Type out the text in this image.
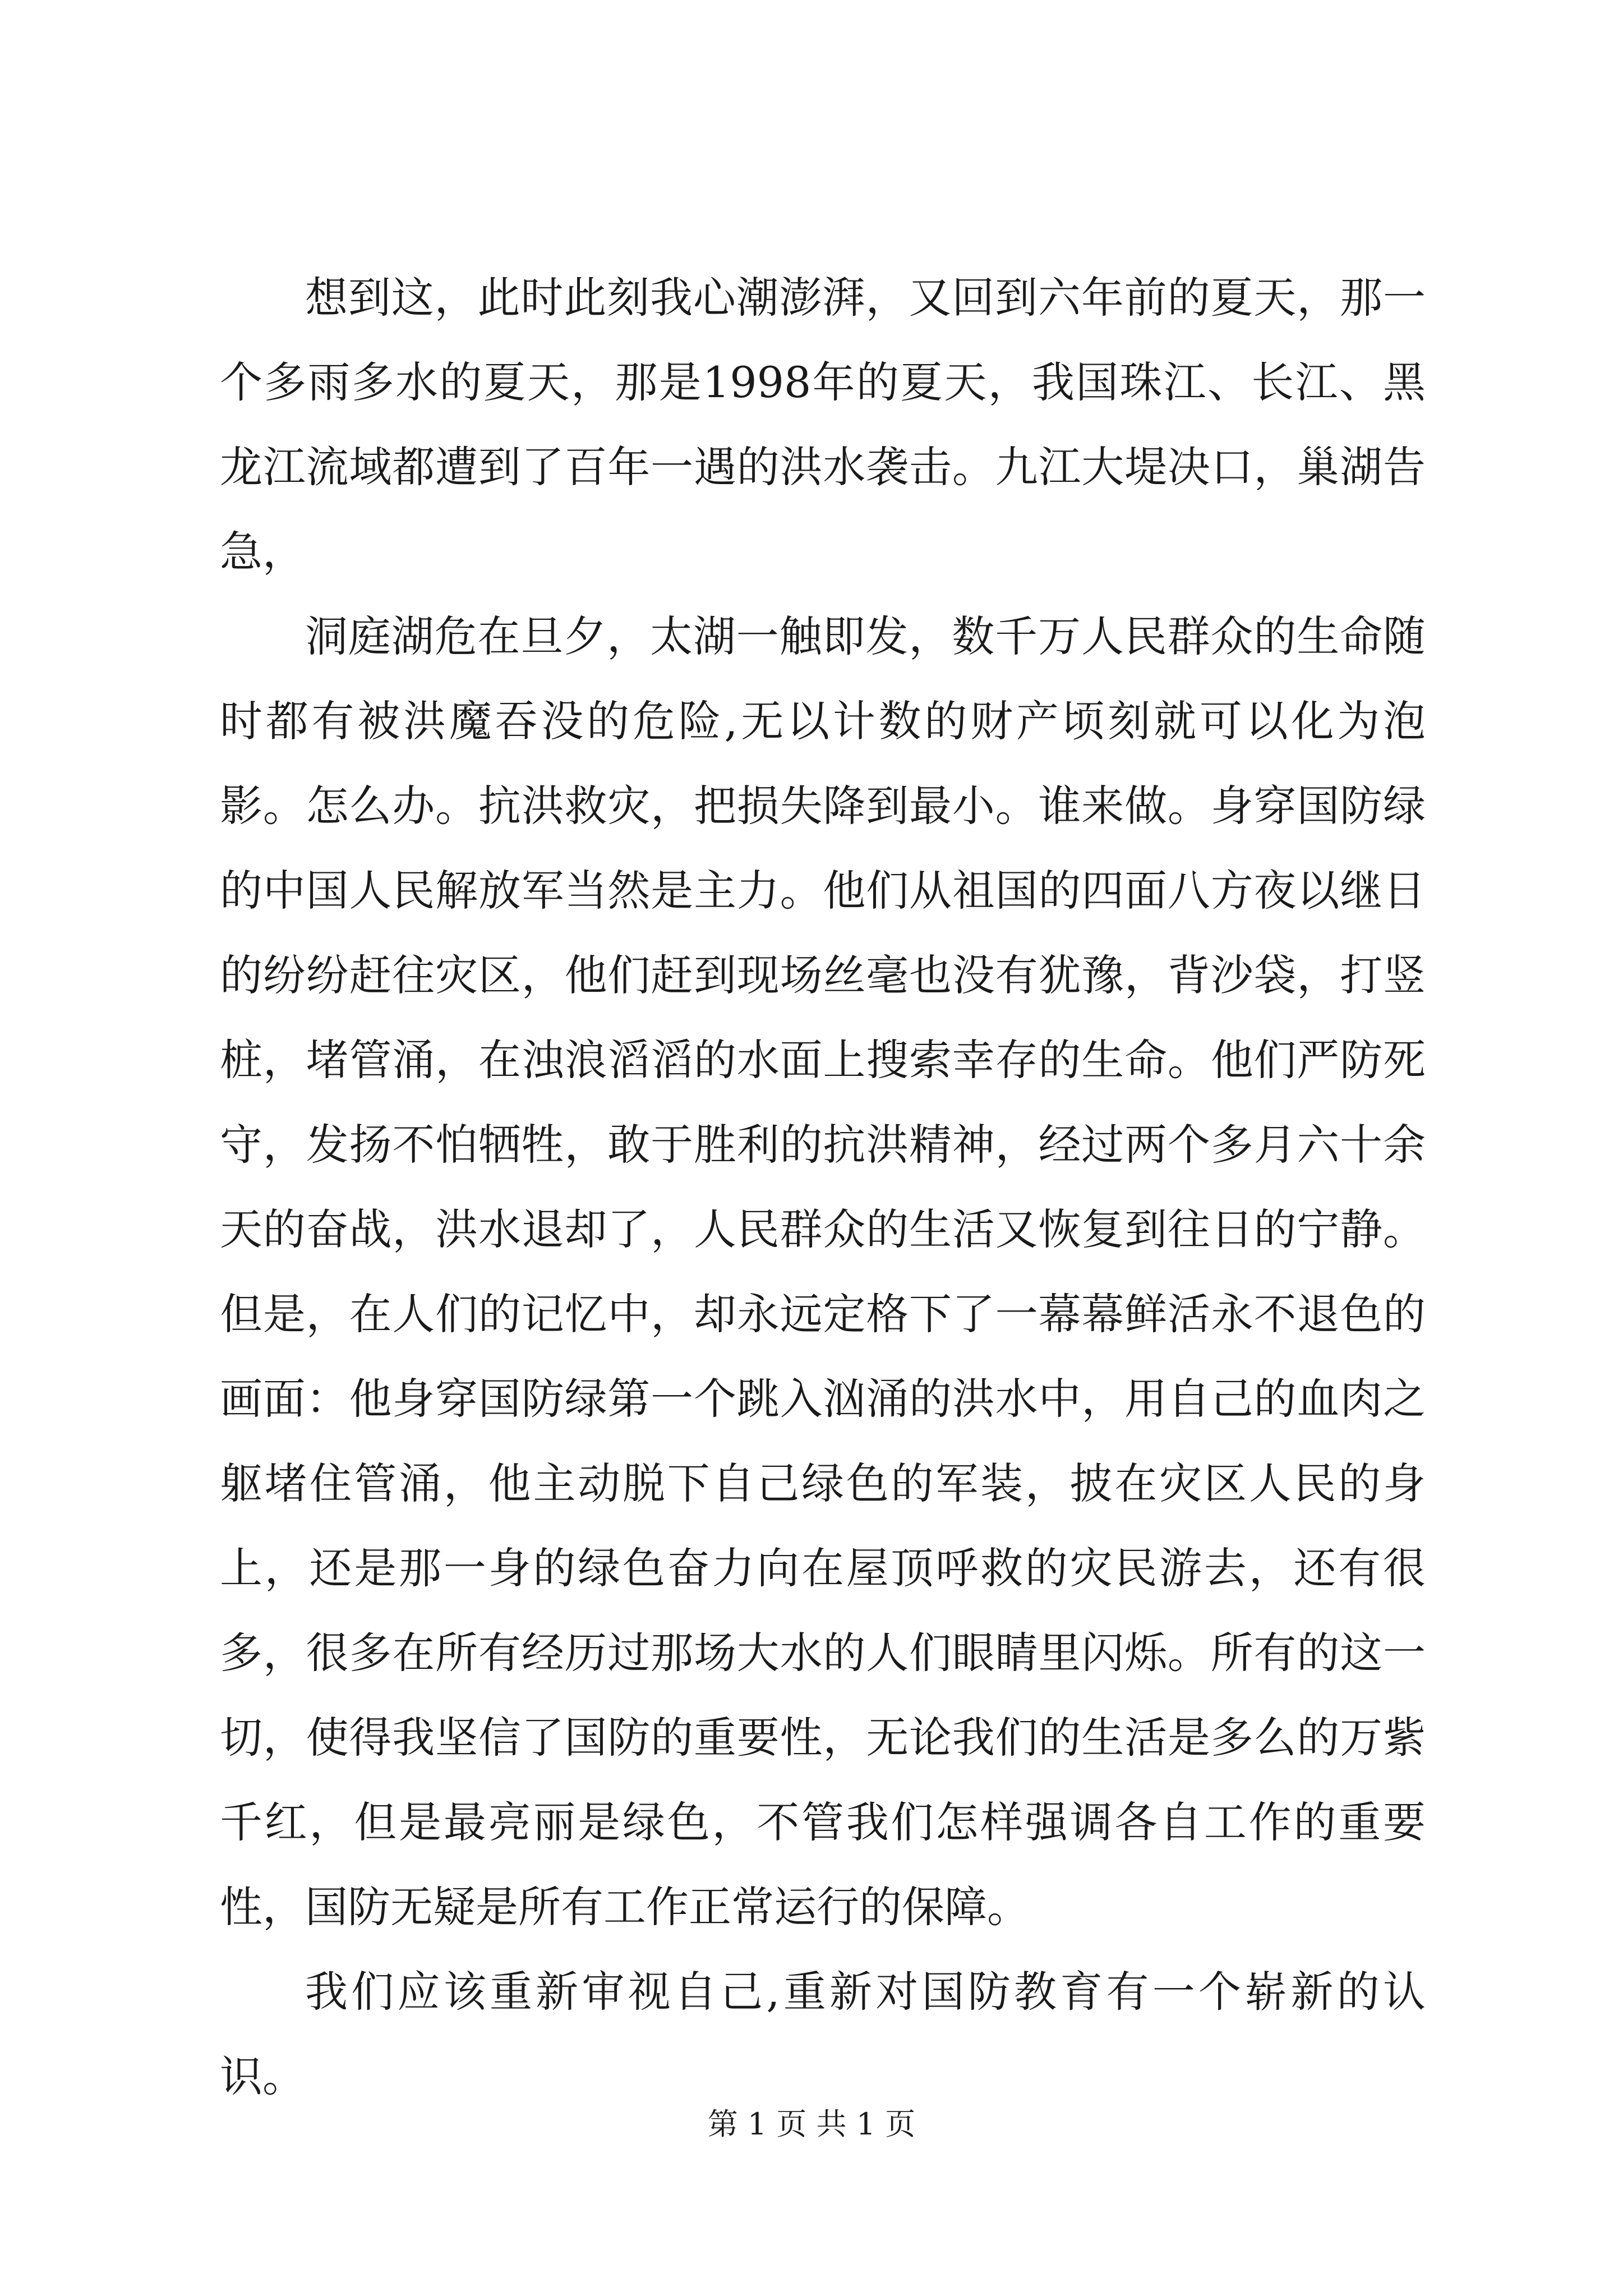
想到这，此时此刻我心潮澎湃，又回到六年前的夏天，那一个多雨多水的夏天，那是1998年的夏天，我国珠江、长江、黑龙江流域都遭到了百年一遇的洪水袭击。九江大堤决口，巢湖告急，

洞庭湖危在旦夕，太湖一触即发，数千万人民群众的生命随时都有被洪魔吞没的危险,无以计数的财产顷刻就可以化为泡影。怎么办。抗洪救灾，把损失降到最小。谁来做。身穿国防绿的中国人民解放军当然是主力。他们从祖国的四面八方夜以继日的纷纷赶往灾区，他们赶到现场丝毫也没有犹豫，背沙袋，打竖桩，堵管涌，在浊浪滔滔的水面上搜索幸存的生命。他们严防死守，发扬不怕牺牲，敢于胜利的抗洪精神，经过两个多月六十余天的奋战，洪水退却了，人民群众的生活又恢复到往日的宁静。但是，在人们的记忆中，却永远定格下了一幕幕鲜活永不退色的画面：他身穿国防绿第一个跳入汹涌的洪水中，用自己的血肉之躯堵住管涌，他主动脱下自己绿色的军装，披在灾区人民的身上，还是那一身的绿色奋力向在屋顶呼救的灾民游去，还有很多，很多在所有经历过那场大水的人们眼睛里闪烁。所有的这一切，使得我坚信了国防的重要性，无论我们的生活是多么的万紫千红，但是最亮丽是绿色，不管我们怎样强调各自工作的重要性，国防无疑是所有工作正常运行的保障。

我们应该重新审视自己,重新对国防教育有一个崭新的认识。

第 1 页 共 1 页
